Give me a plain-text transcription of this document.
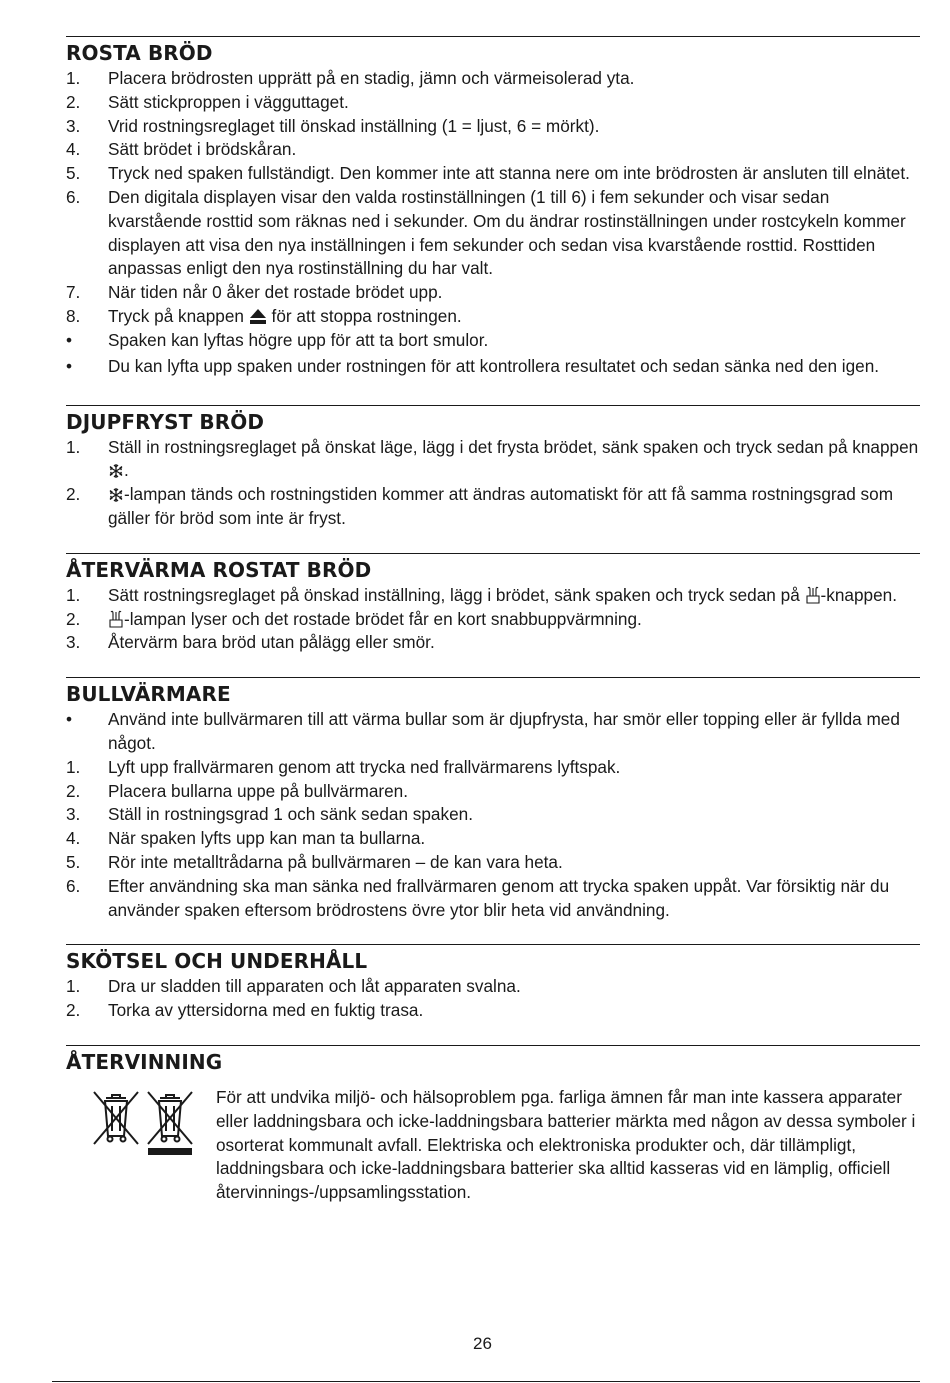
ROSTA BRÖD
1.	Placera brödrosten upprätt på en stadig, jämn och värmeisolerad yta.
2.	Sätt stickproppen i vägguttaget.
3.	Vrid rostningsreglaget till önskad inställning (1 = ljust, 6 = mörkt).
4.	Sätt brödet i brödskåran.
5.	Tryck ned spaken fullständigt. Den kommer inte att stanna nere om inte brödrosten är ansluten till elnätet.
6.	Den digitala displayen visar den valda rostinställningen (1 till 6) i fem sekunder och visar sedan kvarstående rosttid som räknas ned i sekunder. Om du ändrar rostinställningen under rostcykeln kommer displayen att visa den nya inställningen i fem sekunder och sedan visa kvarstående rosttid. Rosttiden anpassas enligt den nya rostinställning du har valt.
7.	När tiden når 0 åker det rostade brödet upp.
8.	Tryck på knappen för att stoppa rostningen.
•	Spaken kan lyftas högre upp för att ta bort smulor.
•	Du kan lyfta upp spaken under rostningen för att kontrollera resultatet och sedan sänka ned den igen.
DJUPFRYST BRÖD
1.	Ställ in rostningsreglaget på önskat läge, lägg i det frysta brödet, sänk spaken och tryck sedan på knappen .
2.	-lampan tänds och rostningstiden kommer att ändras automatiskt för att få samma rostningsgrad som gäller för bröd som inte är fryst.
ÅTERVÄRMA ROSTAT BRÖD
1.	Sätt rostningsreglaget på önskad inställning, lägg i brödet, sänk spaken och tryck sedan på -knappen.
2.	-lampan lyser och det rostade brödet får en kort snabbuppvärmning.
3.	Återvärm bara bröd utan pålägg eller smör.
BULLVÄRMARE
•	Använd inte bullvärmaren till att värma bullar som är djupfrysta, har smör eller topping eller är fyllda med något.
1.	Lyft upp frallvärmaren genom att trycka ned frallvärmarens lyftspak.
2.	Placera bullarna uppe på bullvärmaren.
3.	Ställ in rostningsgrad 1 och sänk sedan spaken.
4.	När spaken lyfts upp kan man ta bullarna.
5.	Rör inte metalltrådarna på bullvärmaren – de kan vara heta.
6.	Efter användning ska man sänka ned frallvärmaren genom att trycka spaken uppåt. Var försiktig när du använder spaken eftersom brödrostens övre ytor blir heta vid användning.
SKÖTSEL OCH UNDERHÅLL
1.	Dra ur sladden till apparaten och låt apparaten svalna.
2.	Torka av yttersidorna med en fuktig trasa.
ÅTERVINNING
För att undvika miljö- och hälsoproblem pga. farliga ämnen får man inte kassera apparater eller laddningsbara och icke-laddningsbara batterier märkta med någon av dessa symboler i osorterat kommunalt avfall. Elektriska och elektroniska produkter och, där tillämpligt, laddningsbara och icke-laddningsbara batterier ska alltid kasseras vid en lämplig, officiell återvinnings-/uppsamlingsstation.
26
